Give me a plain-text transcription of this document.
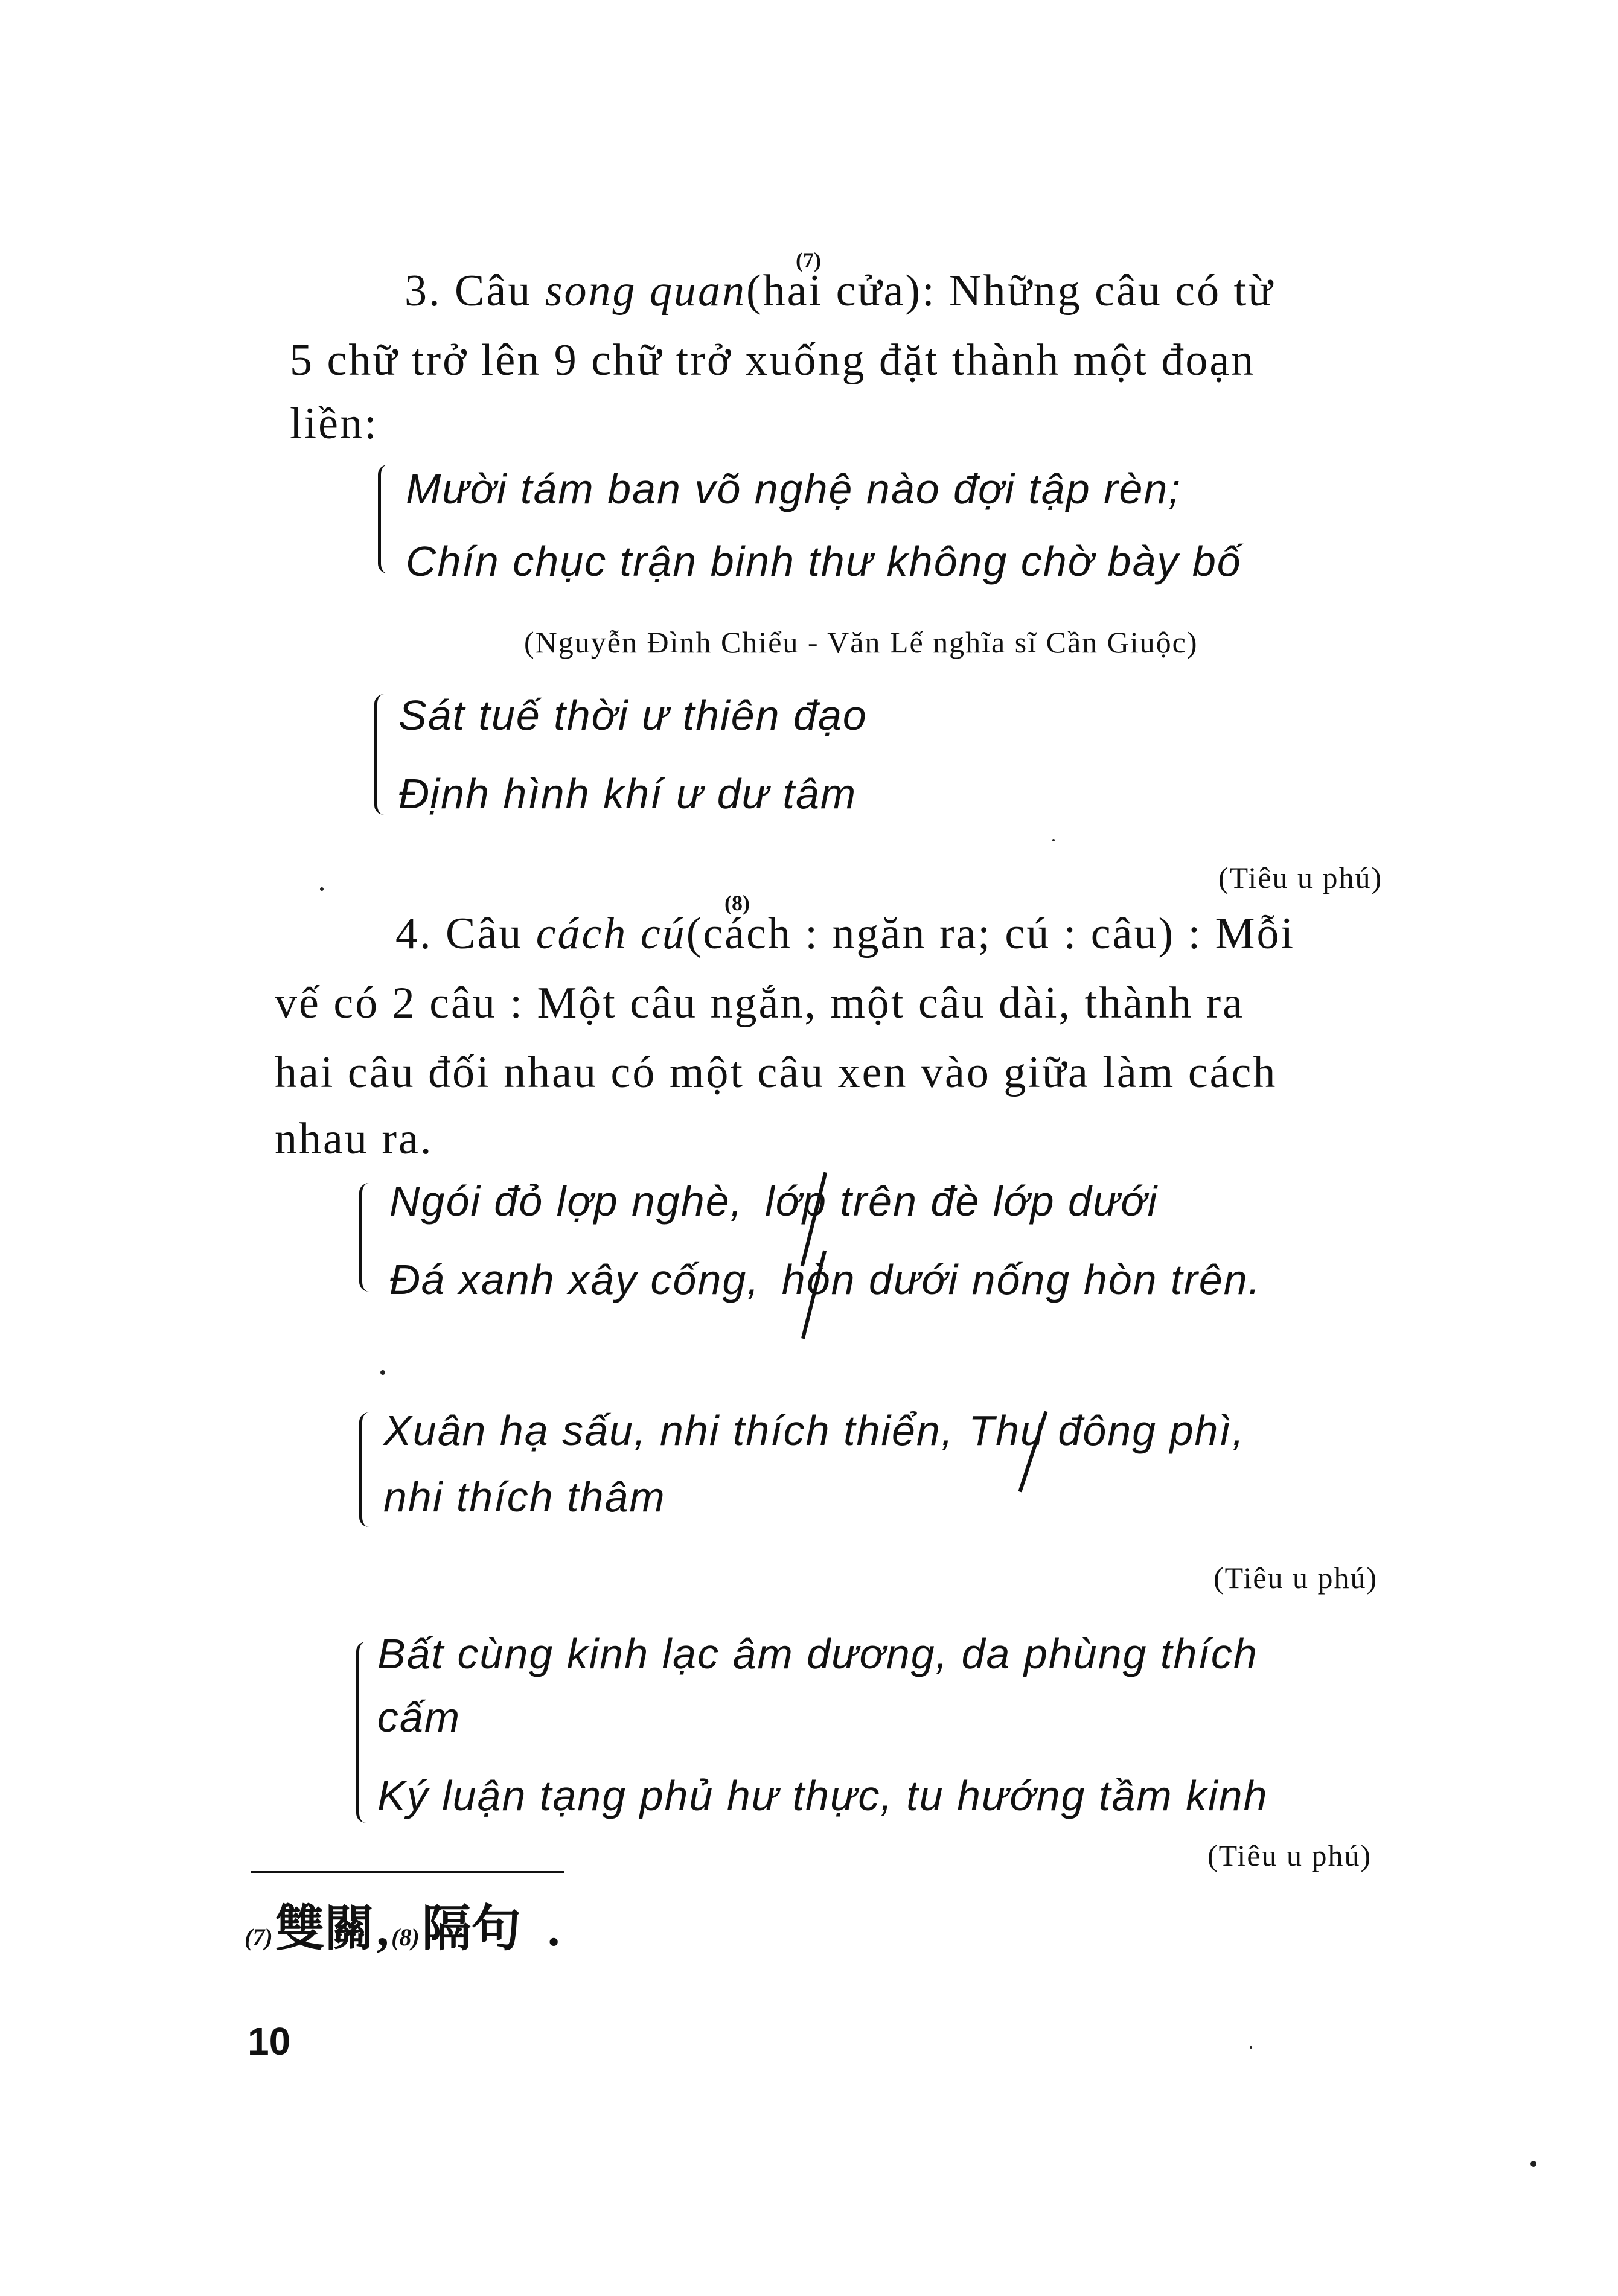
3. Câu song quan(hai cửa): Những câu có từ
(7)
5 chữ trở lên 9 chữ trở xuống đặt thành một đoạn
liền:
Mười tám ban võ nghệ nào đợi tập rèn;
Chín chục trận binh thư không chờ bày bố
(Nguyễn Đình Chiểu - Văn Lế nghĩa sĩ Cần Giuộc)
Sát tuế thời ư thiên đạo
Định hình khí ư dư tâm
(Tiêu u phú)
4. Câu cách cú(cách : ngăn ra; cú : câu) : Mỗi
(8)
vế có 2 câu : Một câu ngắn, một câu dài, thành ra
hai câu đối nhau có một câu xen vào giữa làm cách
nhau ra.
Ngói đỏ lợp nghè, lớp trên đè lớp dưới
Đá xanh xây cống, hòn dưới nống hòn trên.
Xuân hạ sấu, nhi thích thiển, Thu đông phì,
nhi thích thâm
(Tiêu u phú)
Bất cùng kinh lạc âm dương, da phùng thích
cấm
Ký luận tạng phủ hư thực, tu hướng tầm kinh
(Tiêu u phú)
(7) 雙關 , (8) 隔句 .
10
